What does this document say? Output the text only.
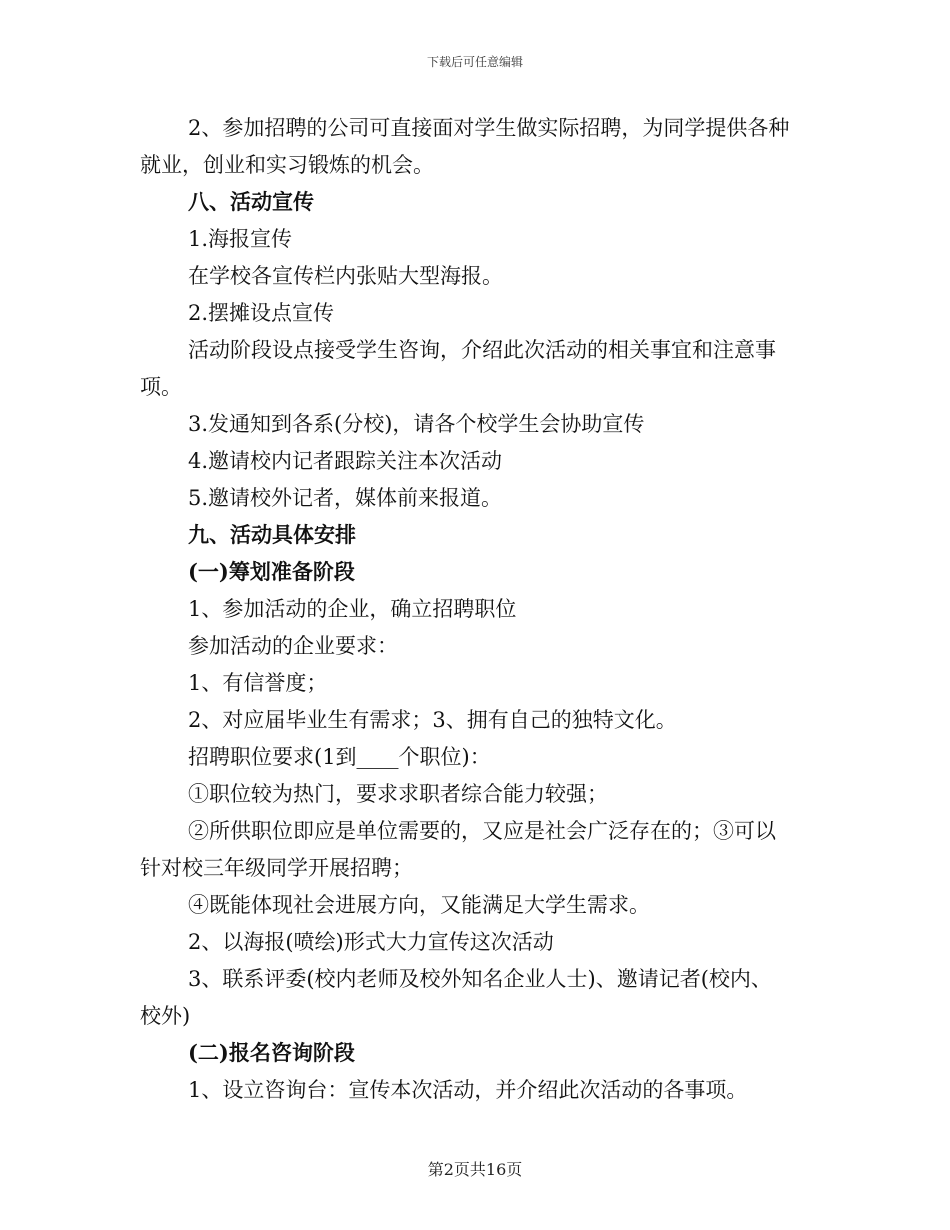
下载后可任意编辑
2、参加招聘的公司可直接面对学生做实际招聘，为同学提供各种
就业，创业和实习锻炼的机会。
八、活动宣传
1.海报宣传
在学校各宣传栏内张贴大型海报。
2.摆摊设点宣传
活动阶段设点接受学生咨询，介绍此次活动的相关事宜和注意事
项。
3.发通知到各系(分校)，请各个校学生会协助宣传
4.邀请校内记者跟踪关注本次活动
5.邀请校外记者，媒体前来报道。
九、活动具体安排
(一)筹划准备阶段
1、参加活动的企业，确立招聘职位
参加活动的企业要求：
1、有信誉度；
2、对应届毕业生有需求；3、拥有自己的独特文化。
招聘职位要求(1到____个职位)：
①职位较为热门，要求求职者综合能力较强；
②所供职位即应是单位需要的，又应是社会广泛存在的；③可以
针对校三年级同学开展招聘；
④既能体现社会进展方向，又能满足大学生需求。
2、以海报(喷绘)形式大力宣传这次活动
3、联系评委(校内老师及校外知名企业人士)、邀请记者(校内、
校外)
(二)报名咨询阶段
1、设立咨询台：宣传本次活动，并介绍此次活动的各事项。
第2页共16页
